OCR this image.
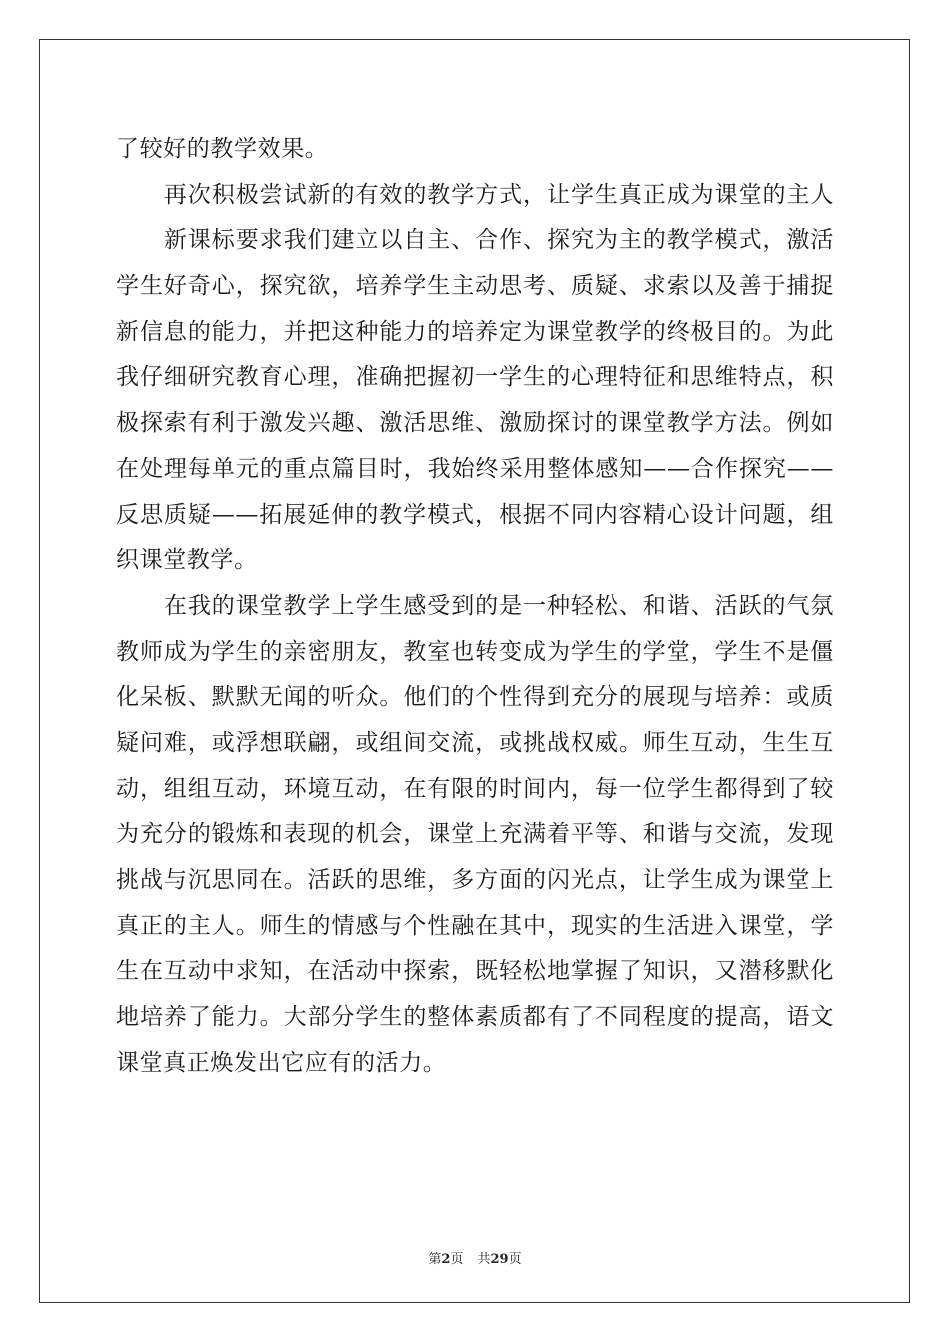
了较好的教学效果。
　　再次积极尝试新的有效的教学方式，让学生真正成为课堂的主人
　　新课标要求我们建立以自主、合作、探究为主的教学模式，激活
学生好奇心，探究欲，培养学生主动思考、质疑、求索以及善于捕捉
新信息的能力，并把这种能力的培养定为课堂教学的终极目的。为此
我仔细研究教育心理，准确把握初一学生的心理特征和思维特点，积
极探索有利于激发兴趣、激活思维、激励探讨的课堂教学方法。例如
在处理每单元的重点篇目时，我始终采用整体感知——合作探究——
反思质疑——拓展延伸的教学模式，根据不同内容精心设计问题，组
织课堂教学。
　　在我的课堂教学上学生感受到的是一种轻松、和谐、活跃的气氛
教师成为学生的亲密朋友，教室也转变成为学生的学堂，学生不是僵
化呆板、默默无闻的听众。他们的个性得到充分的展现与培养：或质
疑问难，或浮想联翩，或组间交流，或挑战权威。师生互动，生生互
动，组组互动，环境互动，在有限的时间内，每一位学生都得到了较
为充分的锻炼和表现的机会，课堂上充满着平等、和谐与交流，发现
挑战与沉思同在。活跃的思维，多方面的闪光点，让学生成为课堂上
真正的主人。师生的情感与个性融在其中，现实的生活进入课堂，学
生在互动中求知，在活动中探索，既轻松地掌握了知识，又潜移默化
地培养了能力。大部分学生的整体素质都有了不同程度的提高，语文
课堂真正焕发出它应有的活力。
第2页 共29页
